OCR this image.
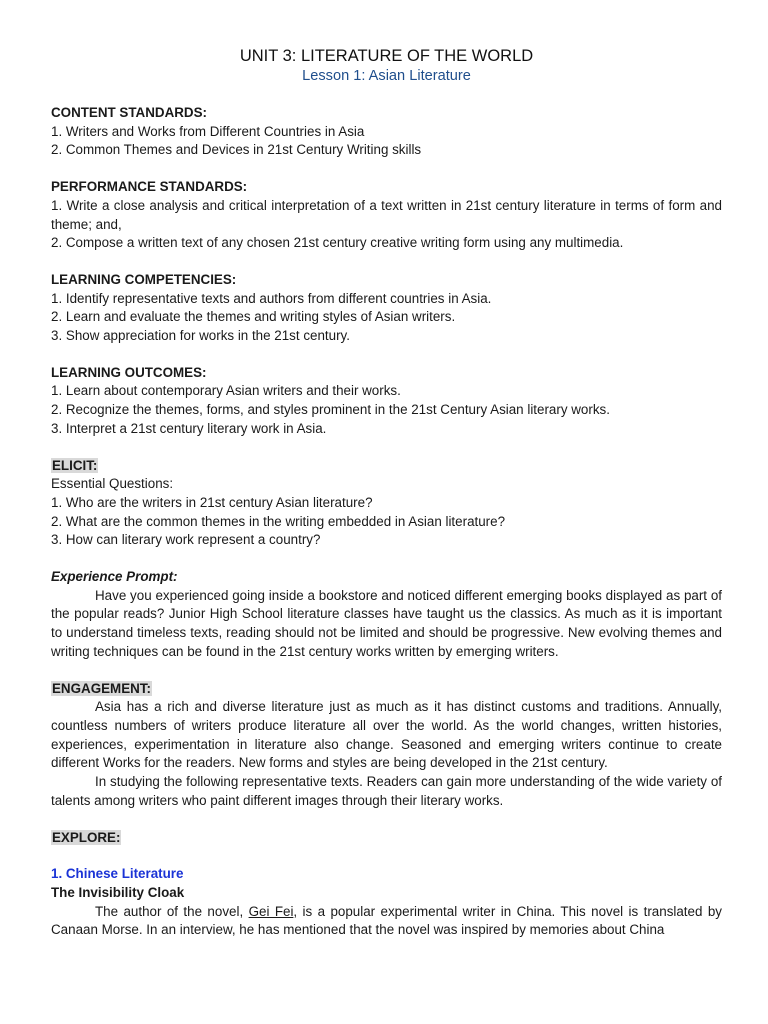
UNIT 3: LITERATURE OF THE WORLD
Lesson 1: Asian Literature

CONTENT STANDARDS:

1. Writers and Works from Different Countries in Asia

2. Common Themes and Devices in 21st Century Writing skills

PERFORMANCE STANDARDS:

1. Write a close analysis and critical interpretation of a text written in 21st century literature in terms of form and theme; and,

2. Compose a written text of any chosen 21st century creative writing form using any multimedia.

LEARNING COMPETENCIES:

1. Identify representative texts and authors from different countries in Asia.

2. Learn and evaluate the themes and writing styles of Asian writers.

3. Show appreciation for works in the 21st century.

LEARNING OUTCOMES:

1. Learn about contemporary Asian writers and their works.

2. Recognize the themes, forms, and styles prominent in the 21st Century Asian literary works.

3. Interpret a 21st century literary work in Asia.

ELICIT:

Essential Questions:

1. Who are the writers in 21st century Asian literature?

2. What are the common themes in the writing embedded in Asian literature?

3. How can literary work represent a country?

Experience Prompt:

Have you experienced going inside a bookstore and noticed different emerging books displayed as part of the popular reads? Junior High School literature classes have taught us the classics. As much as it is important to understand timeless texts, reading should not be limited and should be progressive. New evolving themes and writing techniques can be found in the 21st century works written by emerging writers.

ENGAGEMENT:

Asia has a rich and diverse literature just as much as it has distinct customs and traditions. Annually, countless numbers of writers produce literature all over the world. As the world changes, written histories, experiences, experimentation in literature also change. Seasoned and emerging writers continue to create different Works for the readers. New forms and styles are being developed in the 21st century.

In studying the following representative texts. Readers can gain more understanding of the wide variety of talents among writers who paint different images through their literary works.

EXPLORE:

1. Chinese Literature

The Invisibility Cloak

The author of the novel, Gei Fei, is a popular experimental writer in China. This novel is translated by Canaan Morse. In an interview, he has mentioned that the novel was inspired by memories about China
